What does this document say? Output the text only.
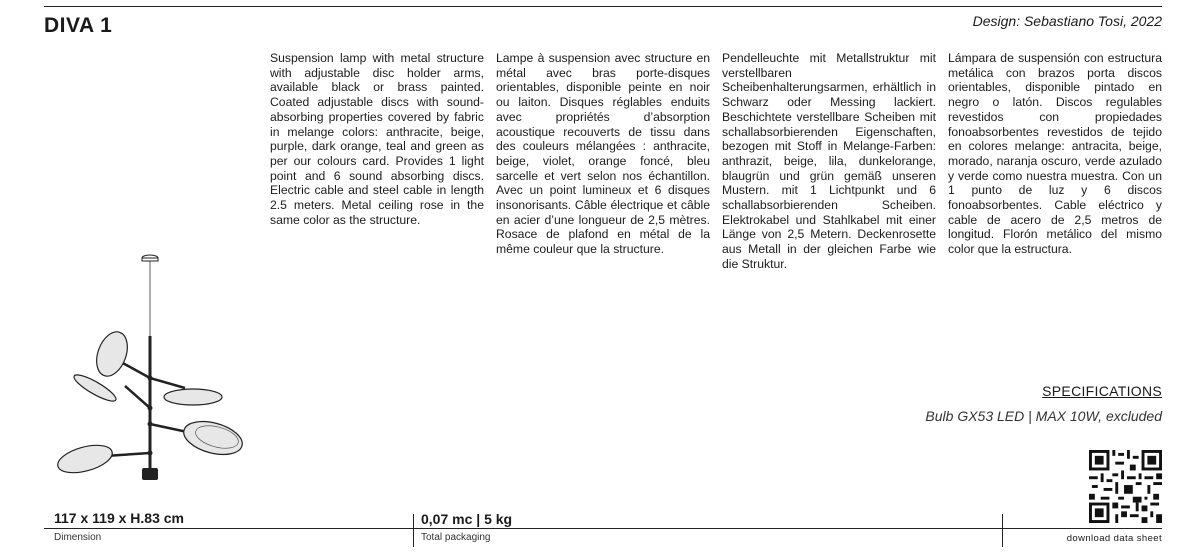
DIVA 1	Design: Sebastiano Tosi, 2022
Suspension lamp with metal structure with adjustable disc holder arms, available black or brass painted. Coated adjustable discs with sound-absorbing properties covered by fabric in melange colors: anthracite, beige, purple, dark orange, teal and green as per our colours card. Provides 1 light point and 6 sound absorbing discs. Electric cable and steel cable in length 2.5 meters. Metal ceiling rose in the same color as the structure.
Lampe à suspension avec structure en métal avec bras porte-disques orientables, disponible peinte en noir ou laiton. Disques réglables enduits avec propriétés d’absorption acoustique recouverts de tissu dans des couleurs mélangées : anthracite, beige, violet, orange foncé, bleu sarcelle et vert selon nos échantillon. Avec un point lumineux et 6 disques insonorisants. Câble électrique et câble en acier d’une longueur de 2,5 mètres. Rosace de plafond en métal de la même couleur que la structure.
Pendelleuchte mit Metallstruktur mit verstellbaren Scheibenhalterungsarmen, erhältlich in Schwarz oder Messing lackiert. Beschichtete verstellbare Scheiben mit schallabsorbierenden Eigenschaften, bezogen mit Stoff in Melange-Farben: anthrazit, beige, lila, dunkelorange, blaugrün und grün gemäß unseren Mustern. mit 1 Lichtpunkt und 6 schallabsorbierenden Scheiben. Elektrokabel und Stahlkabel mit einer Länge von 2,5 Metern. Deckenrosette aus Metall in der gleichen Farbe wie die Struktur.
Lámpara de suspensión con estructura metálica con brazos porta discos orientables, disponible pintado en negro o latón. Discos regulables revestidos con propiedades fonoabsorbentes revestidos de tejido en colores melange: antracita, beige, morado, naranja oscuro, verde azulado y verde como nuestra muestra. Con un 1 punto de luz y 6 discos fonoabsorbentes. Cable eléctrico y cable de acero de 2,5 metros de longitud. Florón metálico del mismo color que la estructura.
SPECIFICATIONS
Bulb GX53 LED | MAX 10W, excluded
117 x 119 x H.83 cm	0,07 mc | 5 kg
Dimension	Total packaging	download data sheet
